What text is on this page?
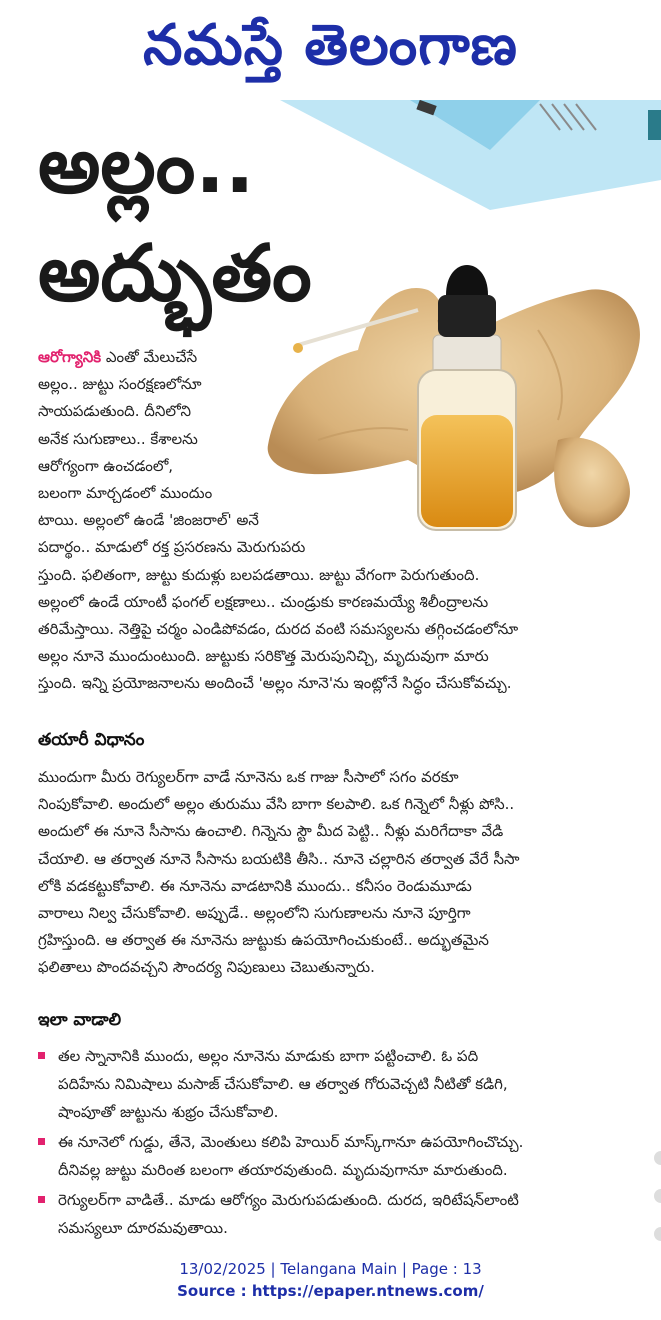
నమస్తే తెలంగాణ
అల్లం..
అద్భుతం

ఆరోగ్యానికి ఎంతో మేలుచేసే
అల్లం.. జుట్టు సంరక్షణలోనూ
సాయపడుతుంది. దీనిలోని
అనేక సుగుణాలు.. కేశాలను
ఆరోగ్యంగా ఉంచడంలో,
బలంగా మార్చడంలో ముందుం
టాయి. అల్లంలో ఉండే 'జింజరాల్' అనే
పదార్థం.. మాడులో రక్త ప్రసరణను మెరుగుపరు
స్తుంది. ఫలితంగా, జుట్టు కుదుళ్లు బలపడతాయి. జుట్టు వేగంగా పెరుగుతుంది.
అల్లంలో ఉండే యాంటీ ఫంగల్ లక్షణాలు.. చుండ్రుకు కారణమయ్యే శిలీంద్రాలను
తరిమేస్తాయి. నెత్తిపై చర్మం ఎండిపోవడం, దురద వంటి సమస్యలను తగ్గించడంలోనూ
అల్లం నూనె ముందుంటుంది. జుట్టుకు సరికొత్త మెరుపునిచ్చి, మృదువుగా మారు
స్తుంది. ఇన్ని ప్రయోజనాలను అందించే 'అల్లం నూనె'ను ఇంట్లోనే సిద్ధం చేసుకోవచ్చు.

తయారీ విధానం
ముందుగా మీరు రెగ్యులర్‌గా వాడే నూనెను ఒక గాజు సీసాలో సగం వరకూ
నింపుకోవాలి. అందులో అల్లం తురుము వేసి బాగా కలపాలి. ఒక గిన్నెలో నీళ్లు పోసి..
అందులో ఈ నూనె సీసాను ఉంచాలి. గిన్నెను స్టౌ మీద పెట్టి.. నీళ్లు మరిగేదాకా వేడి
చేయాలి. ఆ తర్వాత నూనె సీసాను బయటికి తీసి.. నూనె చల్లారిన తర్వాత వేరే సీసా
లోకి వడకట్టుకోవాలి. ఈ నూనెను వాడటానికి ముందు.. కనీసం రెండుమూడు
వారాలు నిల్వ చేసుకోవాలి. అప్పుడే.. అల్లంలోని సుగుణాలను నూనె పూర్తిగా
గ్రహిస్తుంది. ఆ తర్వాత ఈ నూనెను జుట్టుకు ఉపయోగించుకుంటే.. అద్భుతమైన
ఫలితాలు పొందవచ్చని సౌందర్య నిపుణులు చెబుతున్నారు.
ఇలా వాడాలి
తల స్నానానికి ముందు, అల్లం నూనెను మాడుకు బాగా పట్టించాలి. ఓ పది
పదిహేను నిమిషాలు మసాజ్ చేసుకోవాలి. ఆ తర్వాత గోరువెచ్చటి నీటితో కడిగి,
షాంపూతో జుట్టును శుభ్రం చేసుకోవాలి.
ఈ నూనెలో గుడ్డు, తేనె, మెంతులు కలిపి హెయిర్ మాస్క్‌గానూ ఉపయోగించొచ్చు.
దీనివల్ల జుట్టు మరింత బలంగా తయారవుతుంది. మృదువుగానూ మారుతుంది.
రెగ్యులర్‌గా వాడితే.. మాడు ఆరోగ్యం మెరుగుపడుతుంది. దురద, ఇరిటేషన్‌లాంటి
సమస్యలూ దూరమవుతాయి.
13/02/2025 | Telangana Main | Page : 13
Source : https://epaper.ntnews.com/
